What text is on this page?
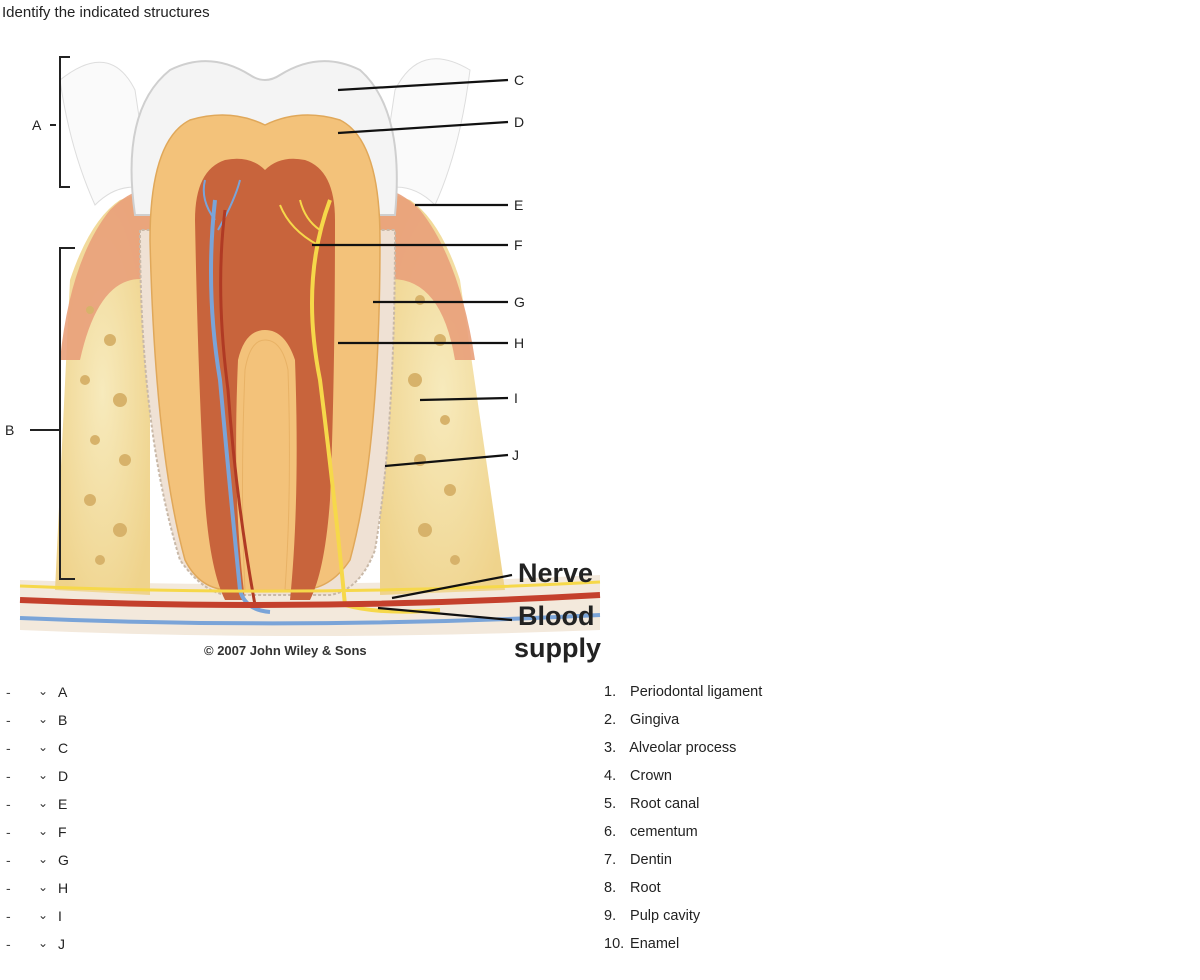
Identify the indicated structures
A
B
C
D
E
F
G
H
I
J
Nerve
Blood
supply
© 2007 John Wiley & Sons
- ⌄ A
- ⌄ B
- ⌄ C
- ⌄ D
- ⌄ E
- ⌄ F
- ⌄ G
- ⌄ H
- ⌄ I
- ⌄ J
1. Periodontal ligament
2. Gingiva
3. Alveolar process
4. Crown
5. Root canal
6. cementum
7. Dentin
8. Root
9. Pulp cavity
10. Enamel
